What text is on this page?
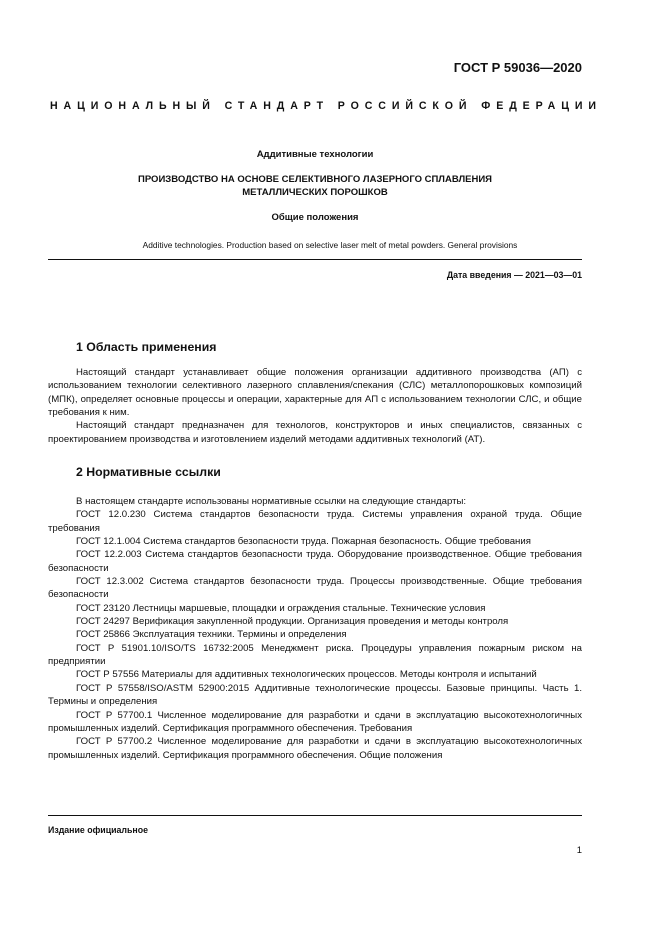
ГОСТ Р 59036—2020
НАЦИОНАЛЬНЫЙ СТАНДАРТ РОССИЙСКОЙ ФЕДЕРАЦИИ
Аддитивные технологии
ПРОИЗВОДСТВО НА ОСНОВЕ СЕЛЕКТИВНОГО ЛАЗЕРНОГО СПЛАВЛЕНИЯ
МЕТАЛЛИЧЕСКИХ ПОРОШКОВ
Общие положения
Additive technologies. Production based on selective laser melt of metal powders. General provisions
Дата введения — 2021—03—01
1 Область применения
Настоящий стандарт устанавливает общие положения организации аддитивного производства (АП) с использованием технологии селективного лазерного сплавления/спекания (СЛС) металлопорошковых композиций (МПК), определяет основные процессы и операции, характерные для АП с использованием технологии СЛС, и общие требования к ним.
Настоящий стандарт предназначен для технологов, конструкторов и иных специалистов, связанных с проектированием производства и изготовлением изделий методами аддитивных технологий (АТ).
2 Нормативные ссылки
В настоящем стандарте использованы нормативные ссылки на следующие стандарты:
ГОСТ 12.0.230 Система стандартов безопасности труда. Системы управления охраной труда. Общие требования
ГОСТ 12.1.004 Система стандартов безопасности труда. Пожарная безопасность. Общие требования
ГОСТ 12.2.003 Система стандартов безопасности труда. Оборудование производственное. Общие требования безопасности
ГОСТ 12.3.002 Система стандартов безопасности труда. Процессы производственные. Общие требования безопасности
ГОСТ 23120 Лестницы маршевые, площадки и ограждения стальные. Технические условия
ГОСТ 24297 Верификация закупленной продукции. Организация проведения и методы контроля
ГОСТ 25866 Эксплуатация техники. Термины и определения
ГОСТ Р 51901.10/ISO/TS 16732:2005 Менеджмент риска. Процедуры управления пожарным риском на предприятии
ГОСТ Р 57556 Материалы для аддитивных технологических процессов. Методы контроля и испытаний
ГОСТ Р 57558/ISO/ASTM 52900:2015 Аддитивные технологические процессы. Базовые принципы. Часть 1. Термины и определения
ГОСТ Р 57700.1 Численное моделирование для разработки и сдачи в эксплуатацию высокотехнологичных промышленных изделий. Сертификация программного обеспечения. Требования
ГОСТ Р 57700.2 Численное моделирование для разработки и сдачи в эксплуатацию высокотехнологичных промышленных изделий. Сертификация программного обеспечения. Общие положения
Издание официальное
1
